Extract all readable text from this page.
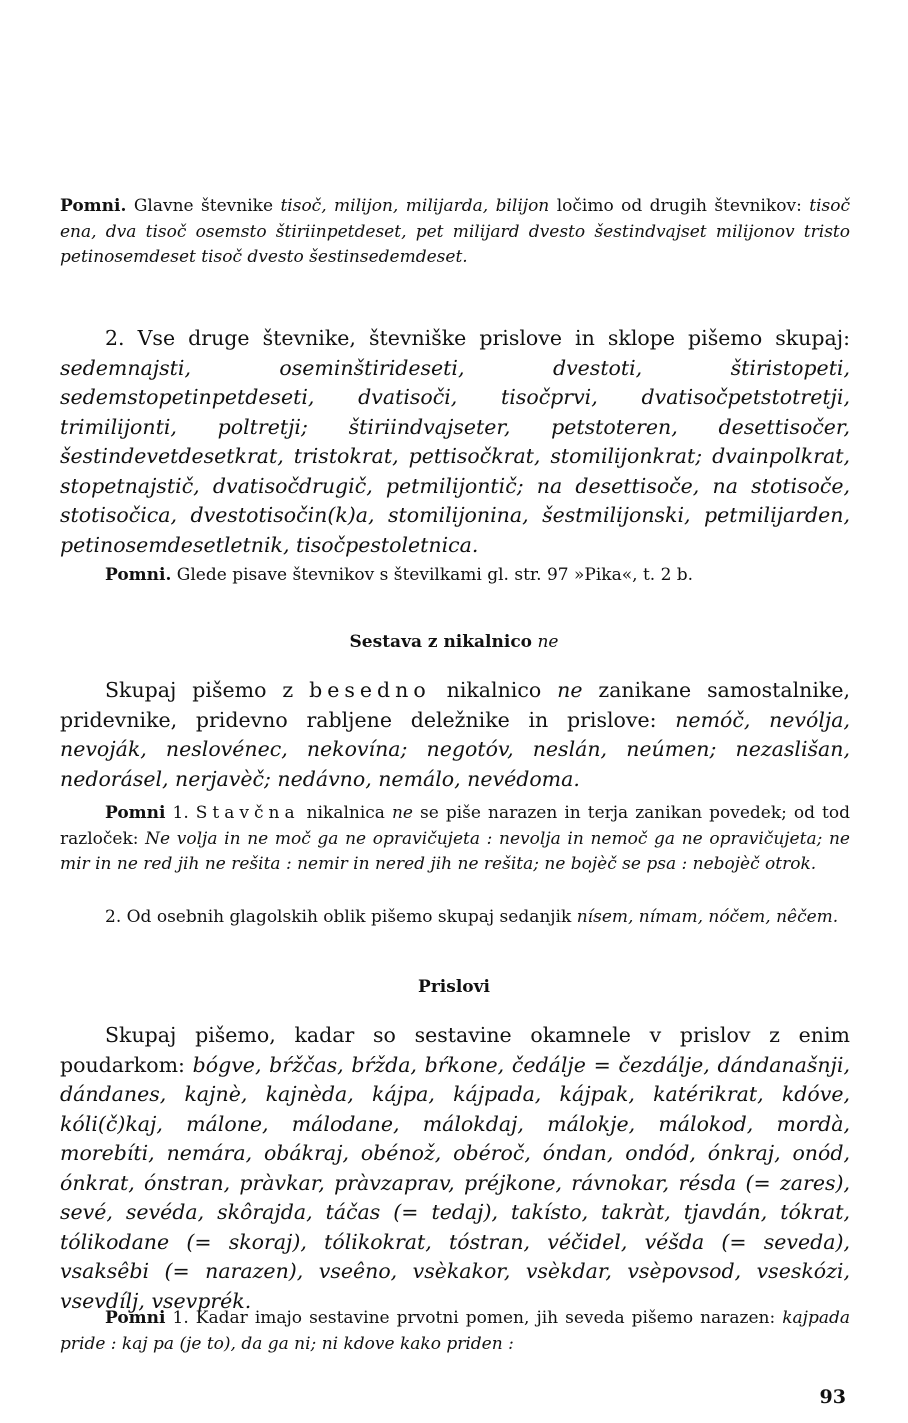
Pomni. Glavne števnike tisoč, milijon, milijarda, bilijon ločimo od drugih števnikov: tisoč ena, dva tisoč osemsto štiriinpetdeset, pet milijard dvesto šestindvajset milijonov tristo petinosemdeset tisoč dvesto šestinsedemdeset.

2. Vse druge števnike, števniške prislove in sklope pišemo skupaj: sedemnajsti, oseminštirideseti, dvestoti, štiristopeti, sedemstopetinpetdeseti, dvatisoči, tisočprvi, dvatisočpetstotretji, trimilijonti, poltretji; štiriindvajseter, petstoteren, desettisočer, šestindevetdesetkrat, tristokrat, pettisočkrat, stomilijonkrat; dvainpolkrat, stopetnajstič, dvatisočdrugič, petmilijontič; na desettisoče, na stotisoče, stotisočica, dvestotisočin(k)a, stomilijonina, šestmilijonski, petmilijarden, petinosemdesetletnik, tisočpestoletnica.

Pomni. Glede pisave števnikov s številkami gl. str. 97 »Pika«, t. 2 b.

Sestava z nikalnico ne

Skupaj pišemo z besedno nikalnico ne zanikane samostalnike, pridevnike, pridevno rabljene deležnike in prislove: nemóč, nevólja, nevoják, neslovénec, nekovína; negotóv, neslán, neúmen; nezaslišan, nedorásel, nerjavèč; nedávno, nemálo, nevédoma.

Pomni 1. Stavčna nikalnica ne se piše narazen in terja zanikan povedek; od tod razloček: Ne volja in ne moč ga ne opravičujeta : nevolja in nemoč ga ne opravičujeta; ne mir in ne red jih ne rešita : nemir in nered jih ne rešita; ne bojèč se psa : nebojèč otrok.

2. Od osebnih glagolskih oblik pišemo skupaj sedanjik nísem, nímam, nóčem, nêčem.

Prislovi

Skupaj pišemo, kadar so sestavine okamnele v prislov z enim poudarkom: bógve, bŕžčas, bŕžda, bŕkone, čedálje = čezdálje, dándanašnji, dándanes, kajnè, kajnèda, kájpa, kájpada, kájpak, katérikrat, kdóve, kóli(č)kaj, málone, málodane, málokdaj, málokje, málokod, mordà, morebíti, nemára, obákraj, obénož, obéroč, óndan, ondód, ónkraj, onód, ónkrat, ónstran, pràvkar, pràvzaprav, préjkone, rávnokar, résda (= zares), sevé, sevéda, skôrajda, táčas (= tedaj), takísto, takràt, tjavdán, tókrat, tólikodane (= skoraj), tólikokrat, tóstran, véčidel, véšda (= seveda), vsaksêbi (= narazen), vseêno, vsèkakor, vsèkdar, vsèpovsod, vseskózi, vsevdílj, vsevprék.

Pomni 1. Kadar imajo sestavine prvotni pomen, jih seveda pišemo narazen: kajpada pride : kaj pa (je to), da ga ni; ni kdove kako priden :

93
